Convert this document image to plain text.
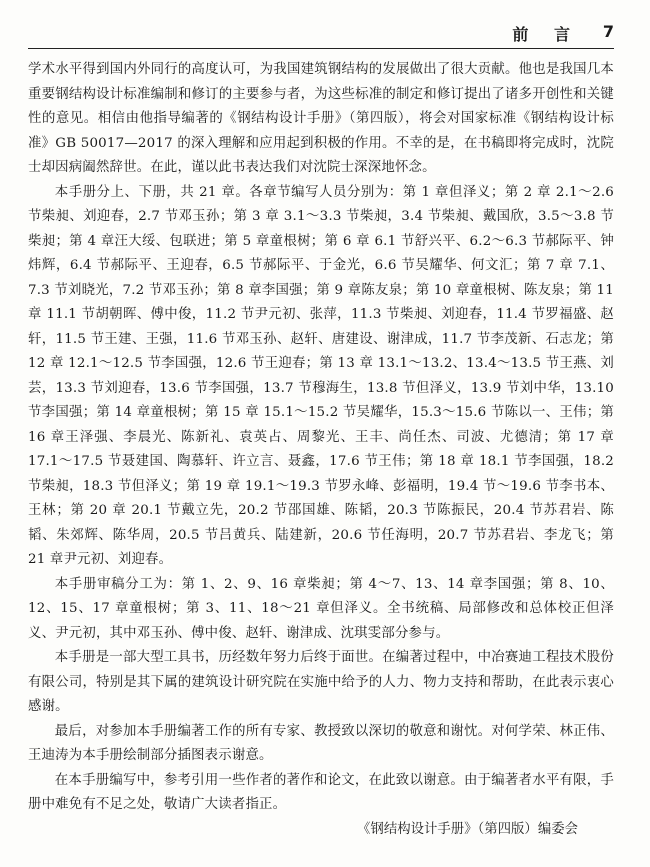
前 言 7

学术水平得到国内外同行的高度认可，为我国建筑钢结构的发展做出了很大贡献。他也是我国几本重要钢结构设计标准编制和修订的主要参与者，为这些标准的制定和修订提出了诸多开创性和关键性的意见。相信由他指导编著的《钢结构设计手册》（第四版），将会对国家标准《钢结构设计标准》GB 50017—2017 的深入理解和应用起到积极的作用。不幸的是，在书稿即将完成时，沈院士却因病阖然辞世。在此，谨以此书表达我们对沈院士深深地怀念。

本手册分上、下册，共 21 章。各章节编写人员分别为：第 1 章但泽义；第 2 章 2.1～2.6 节柴昶、刘迎春，2.7 节邓玉孙；第 3 章 3.1～3.3 节柴昶，3.4 节柴昶、戴国欣，3.5～3.8 节柴昶；第 4 章汪大绥、包联进；第 5 章童根树；第 6 章 6.1 节舒兴平、6.2～6.3 节郝际平、钟炜辉，6.4 节郝际平、王迎春，6.5 节郝际平、于金光，6.6 节吴耀华、何文汇；第 7 章 7.1、7.3 节刘晓光，7.2 节邓玉孙；第 8 章李国强；第 9 章陈友泉；第 10 章童根树、陈友泉；第 11 章 11.1 节胡朝晖、傅中俊，11.2 节尹元初、张萍，11.3 节柴昶、刘迎春，11.4 节罗福盛、赵轩，11.5 节王建、王强，11.6 节邓玉孙、赵轩、唐建设、谢津成，11.7 节李茂新、石志龙；第 12 章 12.1～12.5 节李国强，12.6 节王迎春；第 13 章 13.1～13.2、13.4～13.5 节王燕、刘芸，13.3 节刘迎春，13.6 节李国强，13.7 节穆海生，13.8 节但泽义，13.9 节刘中华，13.10 节李国强；第 14 章童根树；第 15 章 15.1～15.2 节吴耀华，15.3～15.6 节陈以一、王伟；第 16 章王泽强、李晨光、陈新礼、袁英占、周黎光、王丰、尚任杰、司波、尤德清；第 17 章 17.1～17.5 节聂建国、陶慕轩、许立言、聂鑫，17.6 节王伟；第 18 章 18.1 节李国强，18.2 节柴昶，18.3 节但泽义；第 19 章 19.1～19.3 节罗永峰、彭福明，19.4 节～19.6 节李书本、王林；第 20 章 20.1 节戴立先，20.2 节邵国雄、陈韬，20.3 节陈振民，20.4 节苏君岩、陈韬、朱郊辉、陈华周，20.5 节吕黄兵、陆建新，20.6 节任海明，20.7 节苏君岩、李龙飞；第 21 章尹元初、刘迎春。

本手册审稿分工为：第 1、2、9、16 章柴昶；第 4～7、13、14 章李国强；第 8、10、12、15、17 章童根树；第 3、11、18～21 章但泽义。全书统稿、局部修改和总体校正但泽义、尹元初，其中邓玉孙、傅中俊、赵轩、谢津成、沈琪雯部分参与。

本手册是一部大型工具书，历经数年努力后终于面世。在编著过程中，中冶赛迪工程技术股份有限公司，特别是其下属的建筑设计研究院在实施中给予的人力、物力支持和帮助，在此表示衷心感谢。

最后，对参加本手册编著工作的所有专家、教授致以深切的敬意和谢忱。对何学荣、林正伟、王迪涛为本手册绘制部分插图表示谢意。

在本手册编写中，参考引用一些作者的著作和论文，在此致以谢意。由于编著者水平有限，手册中难免有不足之处，敬请广大读者指正。

《钢结构设计手册》（第四版）编委会
